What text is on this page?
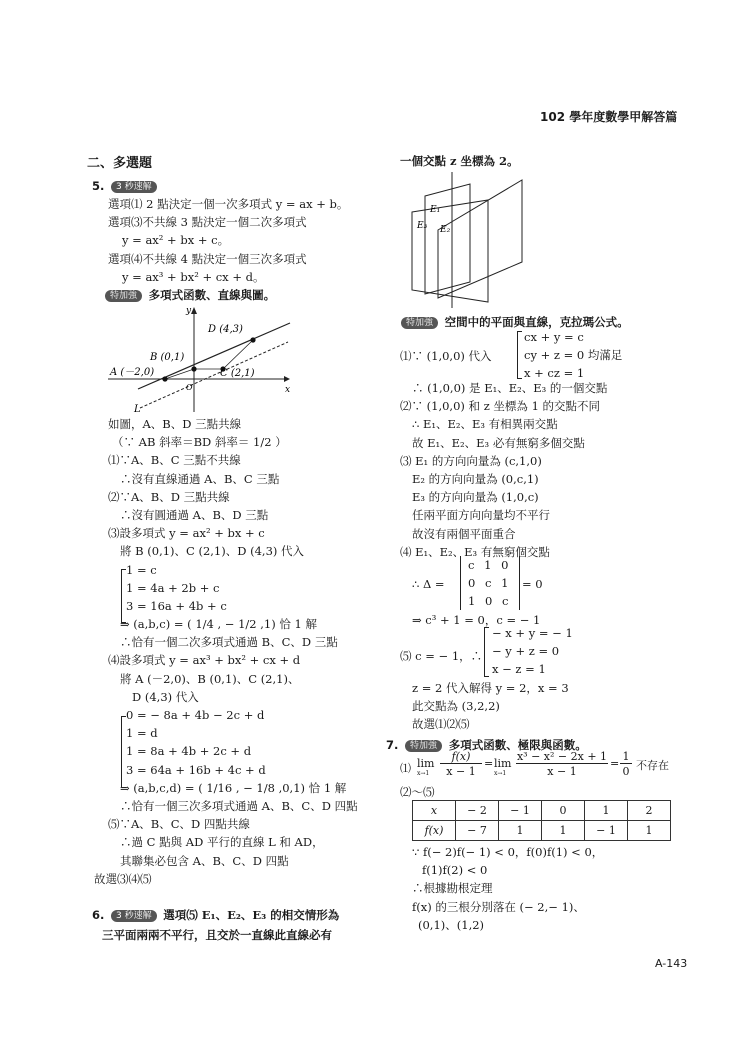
102 學年度數學甲解答篇
二、多選題
5. 3 秒速解
選項⑴ 2 點決定一個一次多項式 y = ax + b。
選項⑶不共線 3 點決定一個二次多項式
y = ax² + bx + c。
選項⑷不共線 4 點決定一個三次多項式
y = ax³ + bx² + cx + d。
特加強 多項式函數、直線與圖。
D (4,3)
B (0,1)
A (－2,0)	C (2,1)
L
x
y
O
如圖，A、B、D 三點共線
（∵ AB 斜率＝BD 斜率＝ 1/2 ）
⑴∵A、B、C 三點不共線
∴沒有直線通過 A、B、C 三點
⑵∵A、B、D 三點共線
∴沒有圓通過 A、B、D 三點
⑶設多項式 y = ax² + bx + c
將 B (0,1)、C (2,1)、D (4,3) 代入
1 = c
1 = 4a + 2b + c
3 = 16a + 4b + c
⇒ (a,b,c) = ( 1/4 , − 1/2 ,1) 恰 1 解
∴恰有一個二次多項式通過 B、C、D 三點
⑷設多項式 y = ax³ + bx² + cx + d
將 A (－2,0)、B (0,1)、C (2,1)、
D (4,3) 代入
0 = − 8a + 4b − 2c + d
1 = d
1 = 8a + 4b + 2c + d
3 = 64a + 16b + 4c + d
⇒ (a,b,c,d) = ( 1/16 , − 1/8 ,0,1) 恰 1 解
∴恰有一個三次多項式通過 A、B、C、D 四點
⑸∵A、B、C、D 四點共線
∴過 C 點與 AD 平行的直線 L 和 AD，
其聯集必包含 A、B、C、D 四點
故選⑶⑷⑸
6. 3 秒速解 選項⑸ E₁、E₂、E₃ 的相交情形為
三平面兩兩不平行，且交於一直線此直線必有
一個交點 z 坐標為 2。
E₃
E₁
E₂
特加強 空間中的平面與直線，克拉瑪公式。
⑴∵ (1,0,0) 代入
cx + y = c
cy + z = 0 均滿足
x + cz = 1
∴ (1,0,0) 是 E₁、E₂、E₃ 的一個交點
⑵∵ (1,0,0) 和 z 坐標為 1 的交點不同
∴ E₁、E₂、E₃ 有相異兩交點
故 E₁、E₂、E₃ 必有無窮多個交點
⑶ E₁ 的方向向量為 (c,1,0)
E₂ 的方向向量為 (0,c,1)
E₃ 的方向向量為 (1,0,c)
任兩平面方向向量均不平行
故沒有兩個平面重合
⑷ E₁、E₂、E₃ 有無窮個交點
∴ Δ =
c 1 0
0 c 1
1 0 c
= 0
⇒ c³ + 1 = 0，c = − 1
⑸ c = − 1，∴
− x + y = − 1
− y + z = 0
x − z = 1
z = 2 代入解得 y = 2，x = 3
此交點為 (3,2,2)
故選⑴⑵⑸
7. 特加強 多項式函數、極限與函數。
⑴ lim
x→1
f(x)
x − 1
= lim
x→1
x³ − x² − 2x + 1
x − 1
=
1
0 不存在
⑵～⑸
x	− 2	− 1	0	1	2
f(x)	− 7	1	1	− 1	1
∵ f(− 2)f(− 1) < 0，f(0)f(1) < 0，
f(1)f(2) < 0
∴根據勘根定理
f(x) 的三根分別落在 (− 2,− 1)、
(0,1)、(1,2)
A-143
